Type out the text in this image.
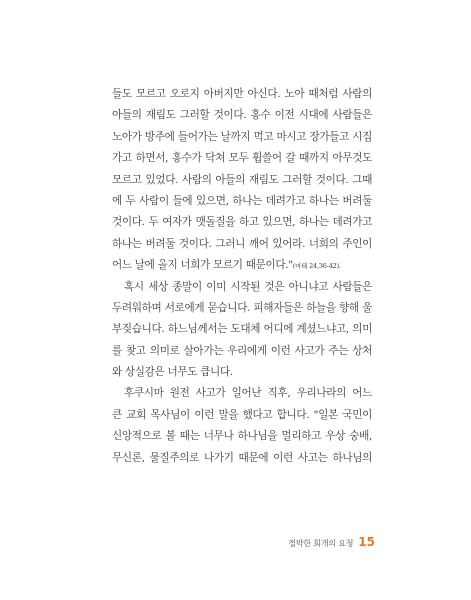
들도 모르고 오로지 아버지만 아신다. 노아 때처럼 사람의
아들의 재림도 그러할 것이다. 홍수 이전 시대에 사람들은
노아가 방주에 들어가는 날까지 먹고 마시고 장가들고 시집
가고 하면서, 홍수가 닥쳐 모두 휩쓸어 갈 때까지 아무것도
모르고 있었다. 사람의 아들의 재림도 그러할 것이다. 그때
에 두 사람이 들에 있으면, 하나는 데려가고 하나는 버려둘
것이다. 두 여자가 맷돌질을 하고 있으면, 하나는 데려가고
하나는 버려둘 것이다. 그러니 깨어 있어라. 너희의 주인이
어느 날에 올지 너희가 모르기 때문이다."(마태 24,36-42).
혹시 세상 종말이 이미 시작된 것은 아니냐고 사람들은
두려워하며 서로에게 묻습니다. 피해자들은 하늘을 향해 울
부짖습니다. 하느님께서는 도대체 어디에 계셨느냐고, 의미
를 찾고 의미로 살아가는 우리에게 이런 사고가 주는 상처
와 상실감은 너무도 큽니다.
후쿠시마 원전 사고가 일어난 직후, 우리나라의 어느
큰 교회 목사님이 이런 말을 했다고 합니다. "일본 국민이
신앙적으로 볼 때는 너무나 하나님을 멀리하고 우상 숭배,
무신론, 물질주의로 나가기 때문에 이런 사고는 하나님의
절박한 회개의 요청 15
